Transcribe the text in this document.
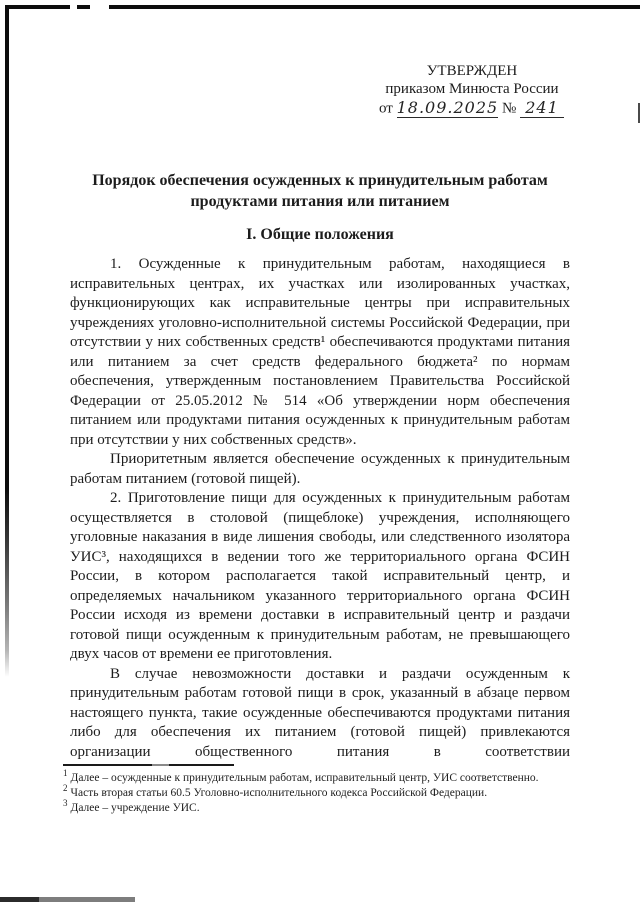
УТВЕРЖДЕН
приказом Минюста России
от 18.09.2025 № 241
Порядок обеспечения осужденных к принудительным работам продуктами питания или питанием
I. Общие положения

1. Осужденные к принудительным работам, находящиеся в исправительных центрах, их участках или изолированных участках, функционирующих как исправительные центры при исправительных учреждениях уголовно-исполнительной системы Российской Федерации, при отсутствии у них собственных средств¹ обеспечиваются продуктами питания или питанием за счет средств федерального бюджета² по нормам обеспечения, утвержденным постановлением Правительства Российской Федерации от 25.05.2012 № 514 «Об утверждении норм обеспечения питанием или продуктами питания осужденных к принудительным работам при отсутствии у них собственных средств».

Приоритетным является обеспечение осужденных к принудительным работам питанием (готовой пищей).

2. Приготовление пищи для осужденных к принудительным работам осуществляется в столовой (пищеблоке) учреждения, исполняющего уголовные наказания в виде лишения свободы, или следственного изолятора УИС³, находящихся в ведении того же территориального органа ФСИН России, в котором располагается такой исправительный центр, и определяемых начальником указанного территориального органа ФСИН России исходя из времени доставки в исправительный центр и раздачи готовой пищи осужденным к принудительным работам, не превышающего двух часов от времени ее приготовления.

В случае невозможности доставки и раздачи осужденным к принудительным работам готовой пищи в срок, указанный в абзаце первом настоящего пункта, такие осужденные обеспечиваются продуктами питания либо для обеспечения их питанием (готовой пищей) привлекаются организации общественного питания в соответствии

$^1$ Далее – осужденные к принудительным работам, исправительный центр, УИС соответственно.
$^2$ Часть вторая статьи 60.5 Уголовно-исполнительного кодекса Российской Федерации.
$^3$ Далее – учреждение УИС.
